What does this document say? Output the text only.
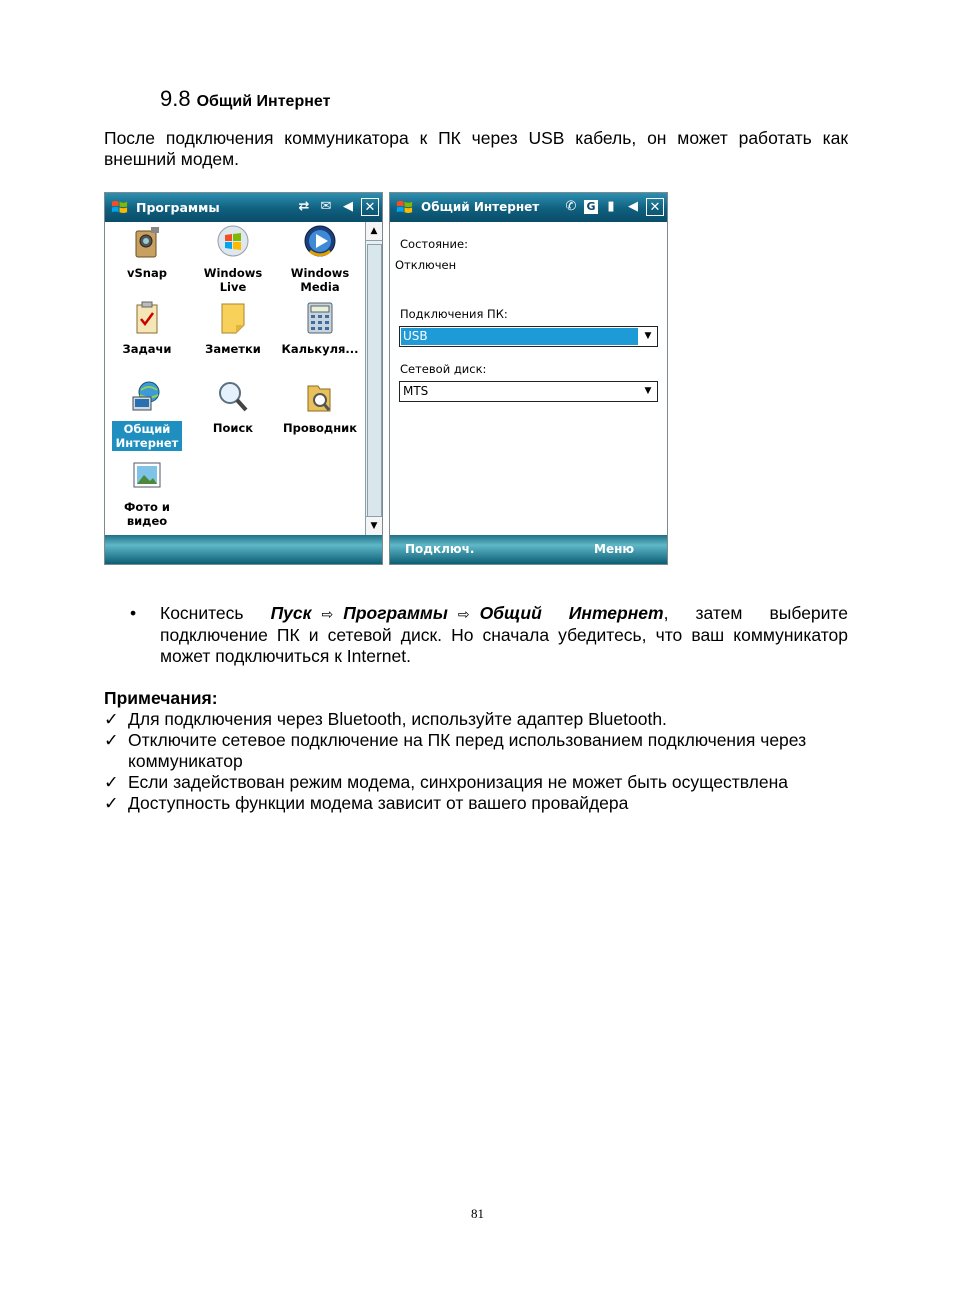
9.8 Общий Интернет

После подключения коммуникатора к ПК через USB кабель, он может работать как внешний модем.

Программы	⇄ ✉ ◀ ✕
vSnap	Windows Live
Windows Media
Задачи	Заметки	Калькуля...
Общий Интернет
Поиск	Проводник
Фото и видео
▲
▼
Общий Интернет ✆ G ▮	◀ ✕
Состояние:
Отключен
Подключения ПК:
USB	▼
Сетевой диск:
MTS	▼
Подключ.	Меню
• Коснитесь Пуск ⇨ Программы ⇨ Общий Интернет, затем выберите подключение ПК и сетевой диск. Но сначала убедитесь, что ваш коммуникатор может подключиться к Internet.
Примечания:
✓ Для подключения через Bluetooth, используйте адаптер Bluetooth.
✓ Отключите сетевое подключение на ПК перед использованием подключения через коммуникатор
✓ Если задействован режим модема, синхронизация не может быть осуществлена
✓ Доступность функции модема зависит от вашего провайдера
81
